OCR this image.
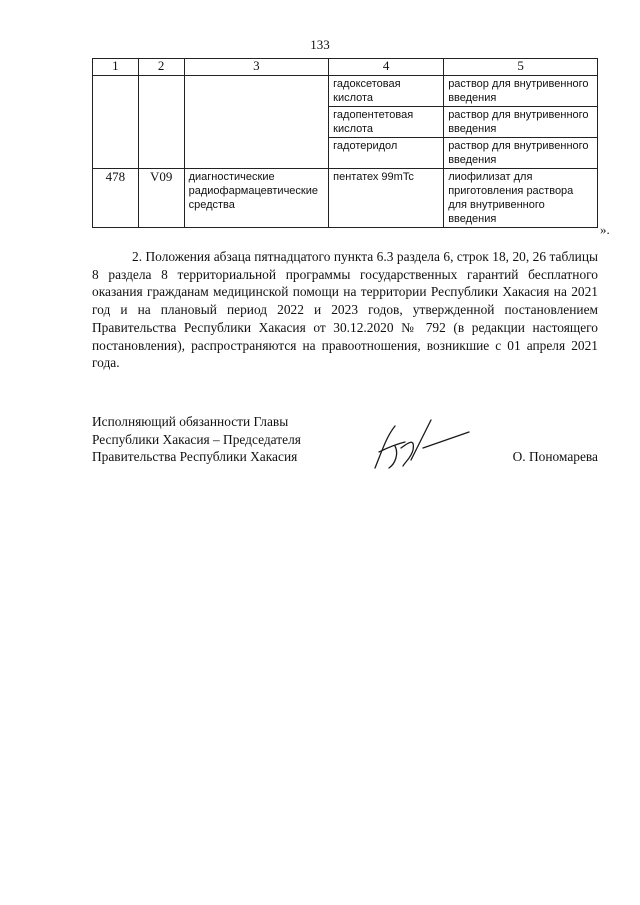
133
1	2	3	4	5
			гадоксетовая кислота	раствор для внутривенного введения
			гадопентетовая кислота	раствор для внутривенного введения
			гадотеридол	раствор для внутривенного введения
478	V09	диагностические радиофармацевтические средства	пентатех 99mTc	лиофилизат для приготовления раствора для внутривенного введения
».
2. Положения абзаца пятнадцатого пункта 6.3 раздела 6, строк 18, 20, 26 таблицы 8 раздела 8 территориальной программы государственных гарантий бесплатного оказания гражданам медицинской помощи на территории Республики Хакасия на 2021 год и на плановый период 2022 и 2023 годов, утвержденной постановлением Правительства Республики Хакасия от 30.12.2020 № 792 (в редакции настоящего постановления), распространяются на правоотношения, возникшие с 01 апреля 2021 года.
Исполняющий обязанности Главы
Республики Хакасия – Председателя
Правительства Республики Хакасия	О. Пономарева
